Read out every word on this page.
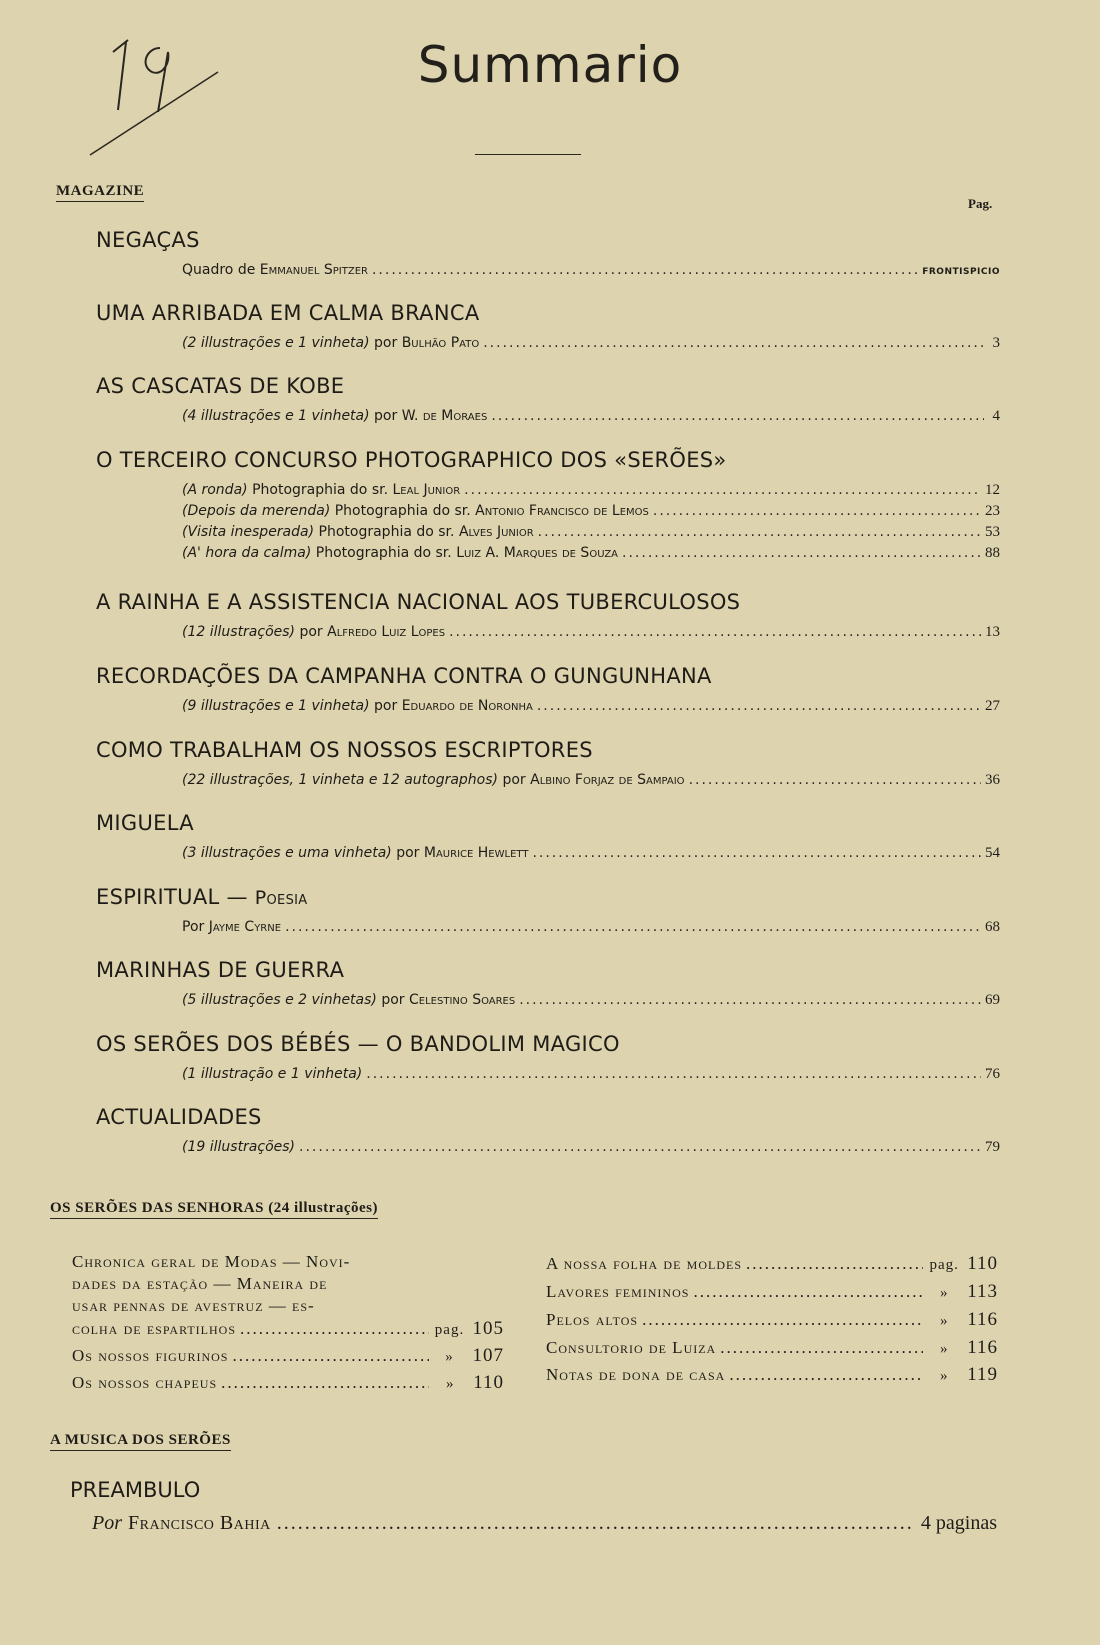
Summario
MAGAZINE
Pag.
NEGAÇAS
Quadro de Emmanuel Spitzer .....	FRONTISPICIO
UMA ARRIBADA EM CALMA BRANCA
(2 illustrações e 1 vinheta) por Bulhão Pato .....	3
AS CASCATAS DE KOBE
(4 illustrações e 1 vinheta) por W. de Moraes .....	4
O TERCEIRO CONCURSO PHOTOGRAPHICO DOS «SERÕES»
(A ronda) Photographia do sr. Leal Junior .....	12
(Depois da merenda) Photographia do sr. Antonio Francisco de Lemos .....	23
(Visita inesperada) Photographia do sr. Alves Junior .....	53
(A' hora da calma) Photographia do sr. Luiz A. Marques de Souza .....	88
A RAINHA E A ASSISTENCIA NACIONAL AOS TUBERCULOSOS
(12 illustrações) por Alfredo Luiz Lopes .....	13
RECORDAÇÕES DA CAMPANHA CONTRA O GUNGUNHANA
(9 illustrações e 1 vinheta) por Eduardo de Noronha .....	27
COMO TRABALHAM OS NOSSOS ESCRIPTORES
(22 illustrações, 1 vinheta e 12 autographos) por Albino Forjaz de Sampaio .....	36
MIGUELA
(3 illustrações e uma vinheta) por Maurice Hewlett .....	54
ESPIRITUAL — Poesia
Por Jayme Cyrne .....	68
MARINHAS DE GUERRA
(5 illustrações e 2 vinhetas) por Celestino Soares .....	69
OS SERÕES DOS BÉBÉS — O BANDOLIM MAGICO
(1 illustração e 1 vinheta) .....	76
ACTUALIDADES
(19 illustrações) .....	79
OS SERÕES DAS SENHORAS (24 illustrações)
Chronica geral de Modas — Novi-
dades da estação — Maneira de
usar pennas de avestruz — es-
colha de espartilhos .....	pag. 105
Os nossos figurinos .....	» 107
Os nossos chapeus .....	» 110
A nossa folha de moldes .....	pag. 110
Lavores femininos .....	» 113
Pelos altos .....	» 116
Consultorio de Luiza .....	» 116
Notas de dona de casa .....	» 119
A MUSICA DOS SERÕES
PREAMBULO
Por Francisco Bahia .....	4 paginas
